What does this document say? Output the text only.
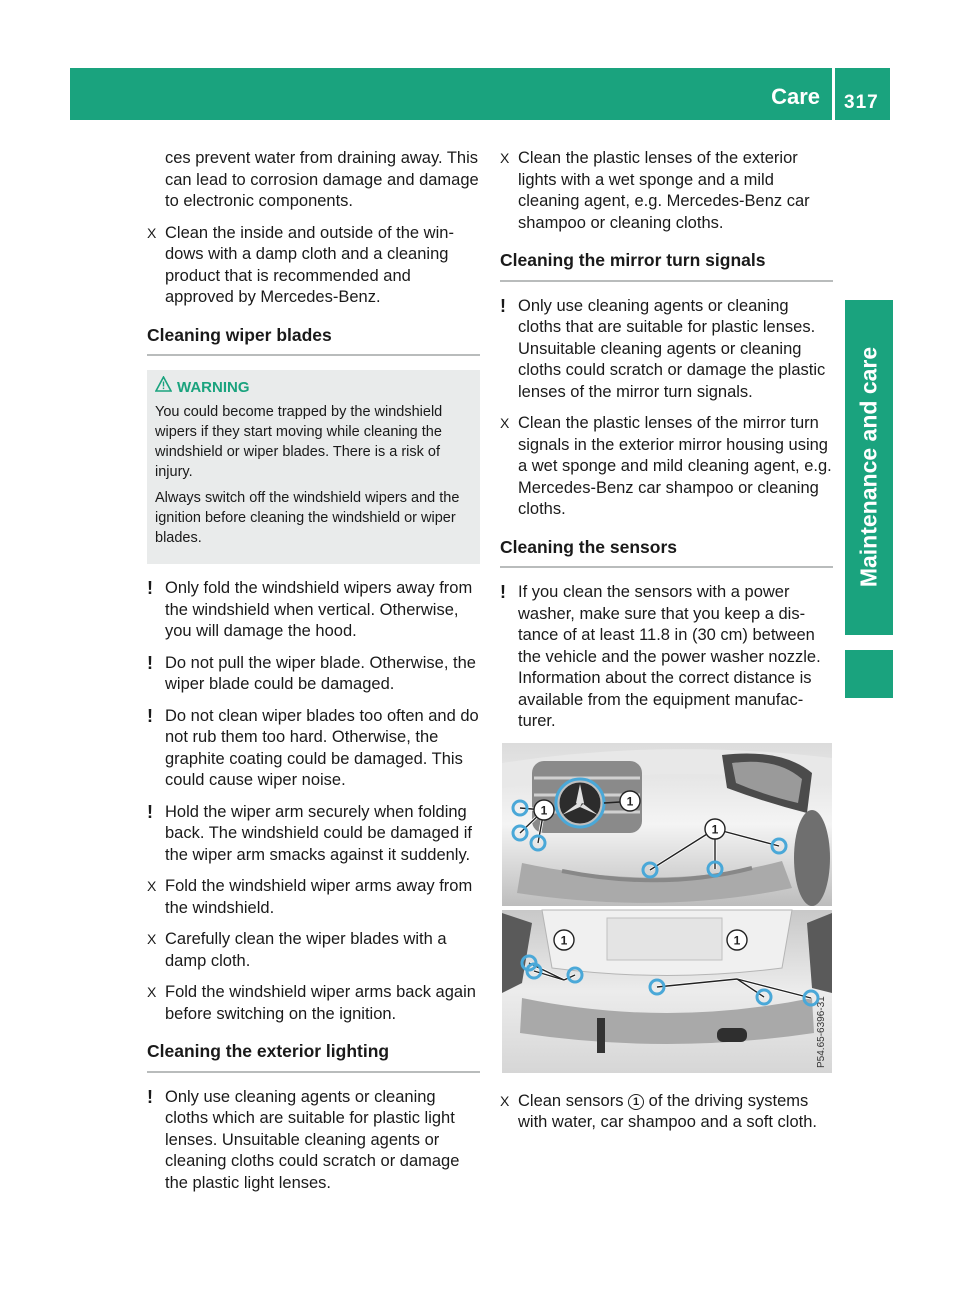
Care 317
Maintenance and care

ces prevent water from draining away. This can lead to corrosion damage and damage to electronic components.

X Clean the inside and outside of the win- dows with a damp cloth and a cleaning product that is recommended and approved by Mercedes-Benz.
Cleaning wiper blades
WARNING

You could become trapped by the windshield wipers if they start moving while cleaning the windshield or wiper blades. There is a risk of injury.

Always switch off the windshield wipers and the ignition before cleaning the windshield or wiper blades.

! Only fold the windshield wipers away from the windshield when vertical. Otherwise, you will damage the hood.
! Do not pull the wiper blade. Otherwise, the wiper blade could be damaged.
! Do not clean wiper blades too often and do not rub them too hard. Otherwise, the graphite coating could be damaged. This could cause wiper noise.
! Hold the wiper arm securely when folding back. The windshield could be damaged if the wiper arm smacks against it suddenly.
X Fold the windshield wiper arms away from the windshield.
X Carefully clean the wiper blades with a damp cloth.
X Fold the windshield wiper arms back again before switching on the ignition.
Cleaning the exterior lighting
! Only use cleaning agents or cleaning cloths which are suitable for plastic light lenses. Unsuitable cleaning agents or cleaning cloths could scratch or damage the plastic light lenses.
X Clean the plastic lenses of the exterior lights with a wet sponge and a mild cleaning agent, e.g. Mercedes-Benz car shampoo or cleaning cloths.
Cleaning the mirror turn signals
! Only use cleaning agents or cleaning cloths that are suitable for plastic lenses. Unsuitable cleaning agents or cleaning cloths could scratch or damage the plastic lenses of the mirror turn signals.
X Clean the plastic lenses of the mirror turn signals in the exterior mirror housing using a wet sponge and mild cleaning agent, e.g. Mercedes-Benz car shampoo or cleaning cloths.
Cleaning the sensors
! If you clean the sensors with a power washer, make sure that you keep a dis- tance of at least 11.8 in (30 cm) between the vehicle and the power washer nozzle. Information about the correct distance is available from the equipment manufac- turer.
P54.65-6396-31
1
1
1
1	1
X Clean sensors 1 of the driving systems with water, car shampoo and a soft cloth.
